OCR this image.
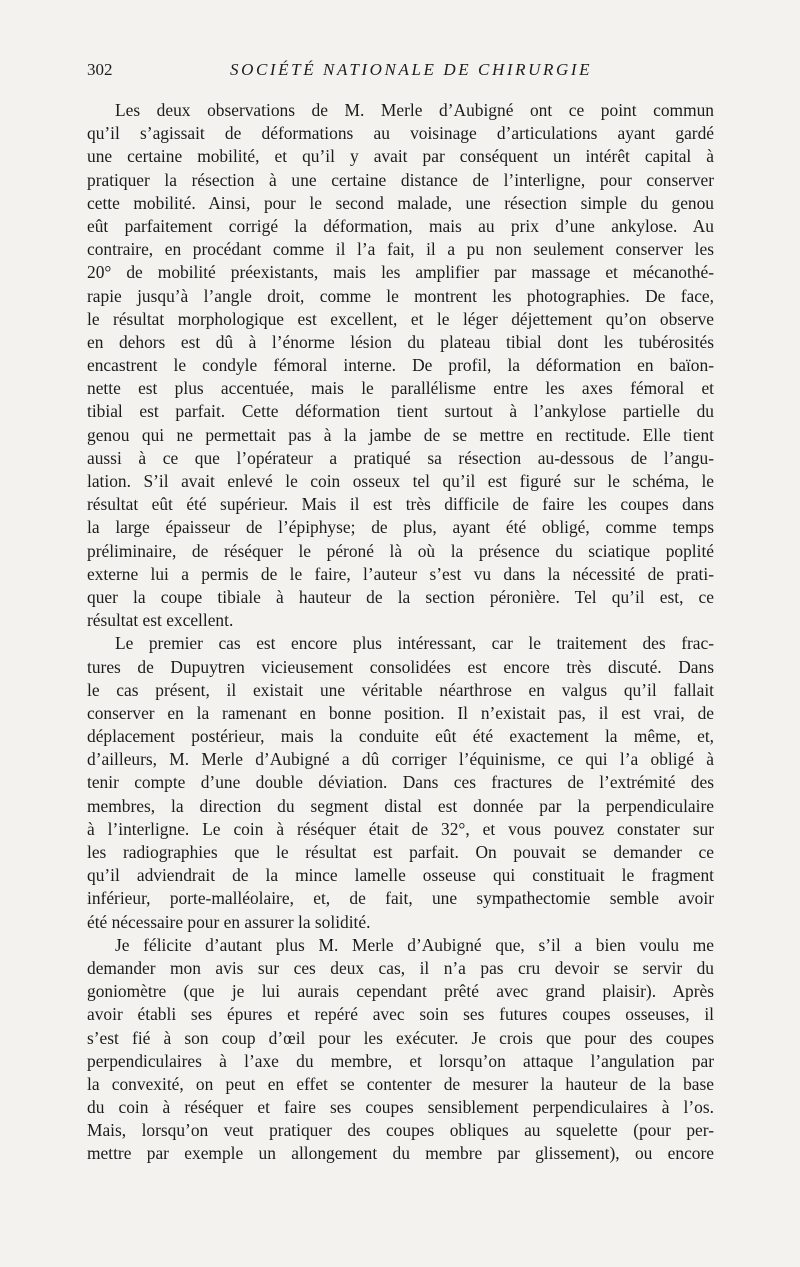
302	SOCIÉTÉ NATIONALE DE CHIRURGIE
Les deux observations de M. Merle d’Aubigné ont ce point commun
qu’il s’agissait de déformations au voisinage d’articulations ayant gardé
une certaine mobilité, et qu’il y avait par conséquent un intérêt capital à
pratiquer la résection à une certaine distance de l’interligne, pour conserver
cette mobilité. Ainsi, pour le second malade, une résection simple du genou
eût parfaitement corrigé la déformation, mais au prix d’une ankylose. Au
contraire, en procédant comme il l’a fait, il a pu non seulement conserver les
20° de mobilité préexistants, mais les amplifier par massage et mécanothé-
rapie jusqu’à l’angle droit, comme le montrent les photographies. De face,
le résultat morphologique est excellent, et le léger déjettement qu’on observe
en dehors est dû à l’énorme lésion du plateau tibial dont les tubérosités
encastrent le condyle fémoral interne. De profil, la déformation en baïon-
nette est plus accentuée, mais le parallélisme entre les axes fémoral et
tibial est parfait. Cette déformation tient surtout à l’ankylose partielle du
genou qui ne permettait pas à la jambe de se mettre en rectitude. Elle tient
aussi à ce que l’opérateur a pratiqué sa résection au-dessous de l’angu-
lation. S’il avait enlevé le coin osseux tel qu’il est figuré sur le schéma, le
résultat eût été supérieur. Mais il est très difficile de faire les coupes dans
la large épaisseur de l’épiphyse; de plus, ayant été obligé, comme temps
préliminaire, de réséquer le péroné là où la présence du sciatique poplité
externe lui a permis de le faire, l’auteur s’est vu dans la nécessité de prati-
quer la coupe tibiale à hauteur de la section péronière. Tel qu’il est, ce
résultat est excellent.
Le premier cas est encore plus intéressant, car le traitement des frac-
tures de Dupuytren vicieusement consolidées est encore très discuté. Dans
le cas présent, il existait une véritable néarthrose en valgus qu’il fallait
conserver en la ramenant en bonne position. Il n’existait pas, il est vrai, de
déplacement postérieur, mais la conduite eût été exactement la même, et,
d’ailleurs, M. Merle d’Aubigné a dû corriger l’équinisme, ce qui l’a obligé à
tenir compte d’une double déviation. Dans ces fractures de l’extrémité des
membres, la direction du segment distal est donnée par la perpendiculaire
à l’interligne. Le coin à réséquer était de 32°, et vous pouvez constater sur
les radiographies que le résultat est parfait. On pouvait se demander ce
qu’il adviendrait de la mince lamelle osseuse qui constituait le fragment
inférieur, porte-malléolaire, et, de fait, une sympathectomie semble avoir
été nécessaire pour en assurer la solidité.
Je félicite d’autant plus M. Merle d’Aubigné que, s’il a bien voulu me
demander mon avis sur ces deux cas, il n’a pas cru devoir se servir du
goniomètre (que je lui aurais cependant prêté avec grand plaisir). Après
avoir établi ses épures et repéré avec soin ses futures coupes osseuses, il
s’est fié à son coup d’œil pour les exécuter. Je crois que pour des coupes
perpendiculaires à l’axe du membre, et lorsqu’on attaque l’angulation par
la convexité, on peut en effet se contenter de mesurer la hauteur de la base
du coin à réséquer et faire ses coupes sensiblement perpendiculaires à l’os.
Mais, lorsqu’on veut pratiquer des coupes obliques au squelette (pour per-
mettre par exemple un allongement du membre par glissement), ou encore
